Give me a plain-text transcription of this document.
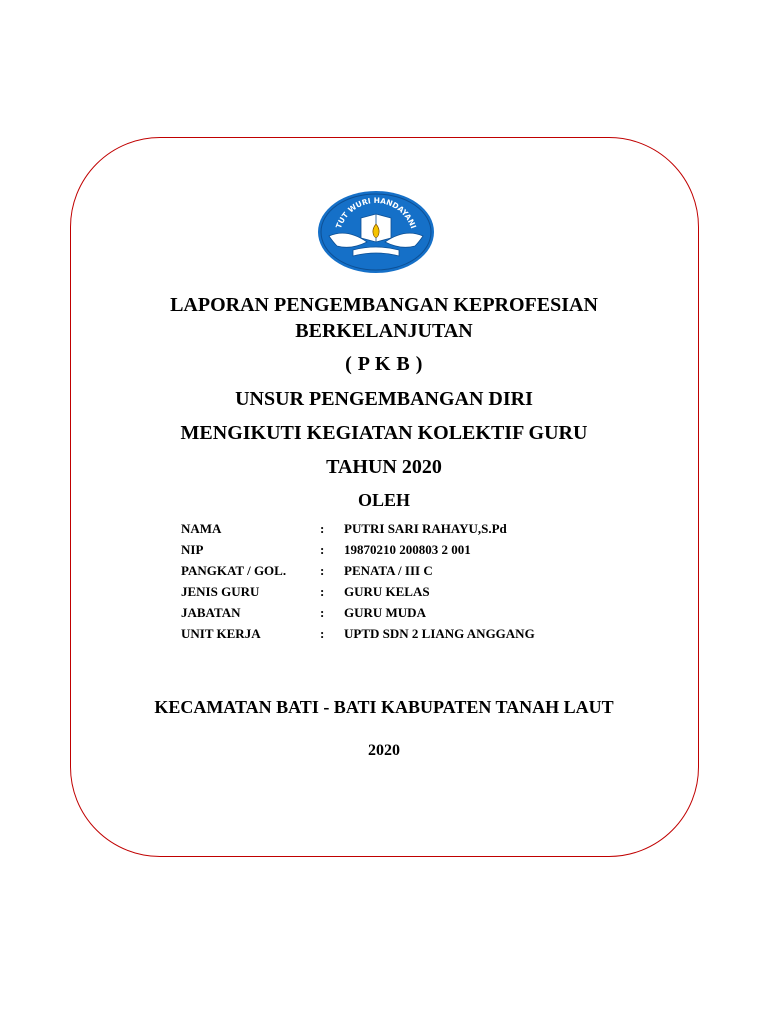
TUT WURI HANDAYANI
LAPORAN PENGEMBANGAN KEPROFESIAN
BERKELANJUTAN
( P K B )
UNSUR PENGEMBANGAN DIRI
MENGIKUTI KEGIATAN KOLEKTIF GURU
TAHUN 2020
OLEH
NAMA	: PUTRI SARI RAHAYU,S.Pd
NIP	: 19870210 200803 2 001
PANGKAT / GOL.	: PENATA / III C
JENIS GURU	: GURU KELAS
JABATAN	: GURU MUDA
UNIT KERJA	: UPTD SDN 2 LIANG ANGGANG
KECAMATAN BATI - BATI KABUPATEN TANAH LAUT
2020
